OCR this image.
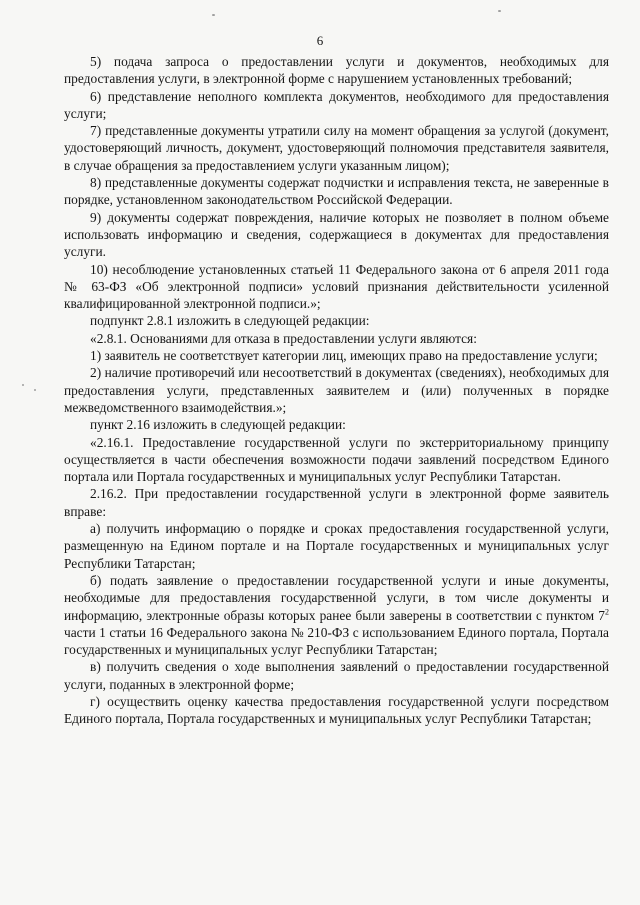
6

5) подача запроса о предоставлении услуги и документов, необходимых для предоставления услуги, в электронной форме с нарушением установленных требований;

6) представление неполного комплекта документов, необходимого для предоставления услуги;

7) представленные документы утратили силу на момент обращения за услугой (документ, удостоверяющий личность, документ, удостоверяющий полномочия представителя заявителя, в случае обращения за предоставлением услуги указанным лицом);

8) представленные документы содержат подчистки и исправления текста, не заверенные в порядке, установленном законодательством Российской Федерации.

9) документы содержат повреждения, наличие которых не позволяет в полном объеме использовать информацию и сведения, содержащиеся в документах для предоставления услуги.

10) несоблюдение установленных статьей 11 Федерального закона от 6 апреля 2011 года № 63-ФЗ «Об электронной подписи» условий признания действительности усиленной квалифицированной электронной подписи.»;

подпункт 2.8.1 изложить в следующей редакции:

«2.8.1. Основаниями для отказа в предоставлении услуги являются:

1) заявитель не соответствует категории лиц, имеющих право на предоставление услуги;

2) наличие противоречий или несоответствий в документах (сведениях), необходимых для предоставления услуги, представленных заявителем и (или) полученных в порядке межведомственного взаимодействия.»;

пункт 2.16 изложить в следующей редакции:

«2.16.1. Предоставление государственной услуги по экстерриториальному принципу осуществляется в части обеспечения возможности подачи заявлений посредством Единого портала или Портала государственных и муниципальных услуг Республики Татарстан.

2.16.2. При предоставлении государственной услуги в электронной форме заявитель вправе:

а) получить информацию о порядке и сроках предоставления государственной услуги, размещенную на Едином портале и на Портале государственных и муниципальных услуг Республики Татарстан;

б) подать заявление о предоставлении государственной услуги и иные документы, необходимые для предоставления государственной услуги, в том числе документы и информацию, электронные образы которых ранее были заверены в соответствии с пунктом $7^2$ части 1 статьи 16 Федерального закона № 210-ФЗ с использованием Единого портала, Портала государственных и муниципальных услуг Республики Татарстан;

в) получить сведения о ходе выполнения заявлений о предоставлении государственной услуги, поданных в электронной форме;

г) осуществить оценку качества предоставления государственной услуги посредством Единого портала, Портала государственных и муниципальных услуг Республики Татарстан;
